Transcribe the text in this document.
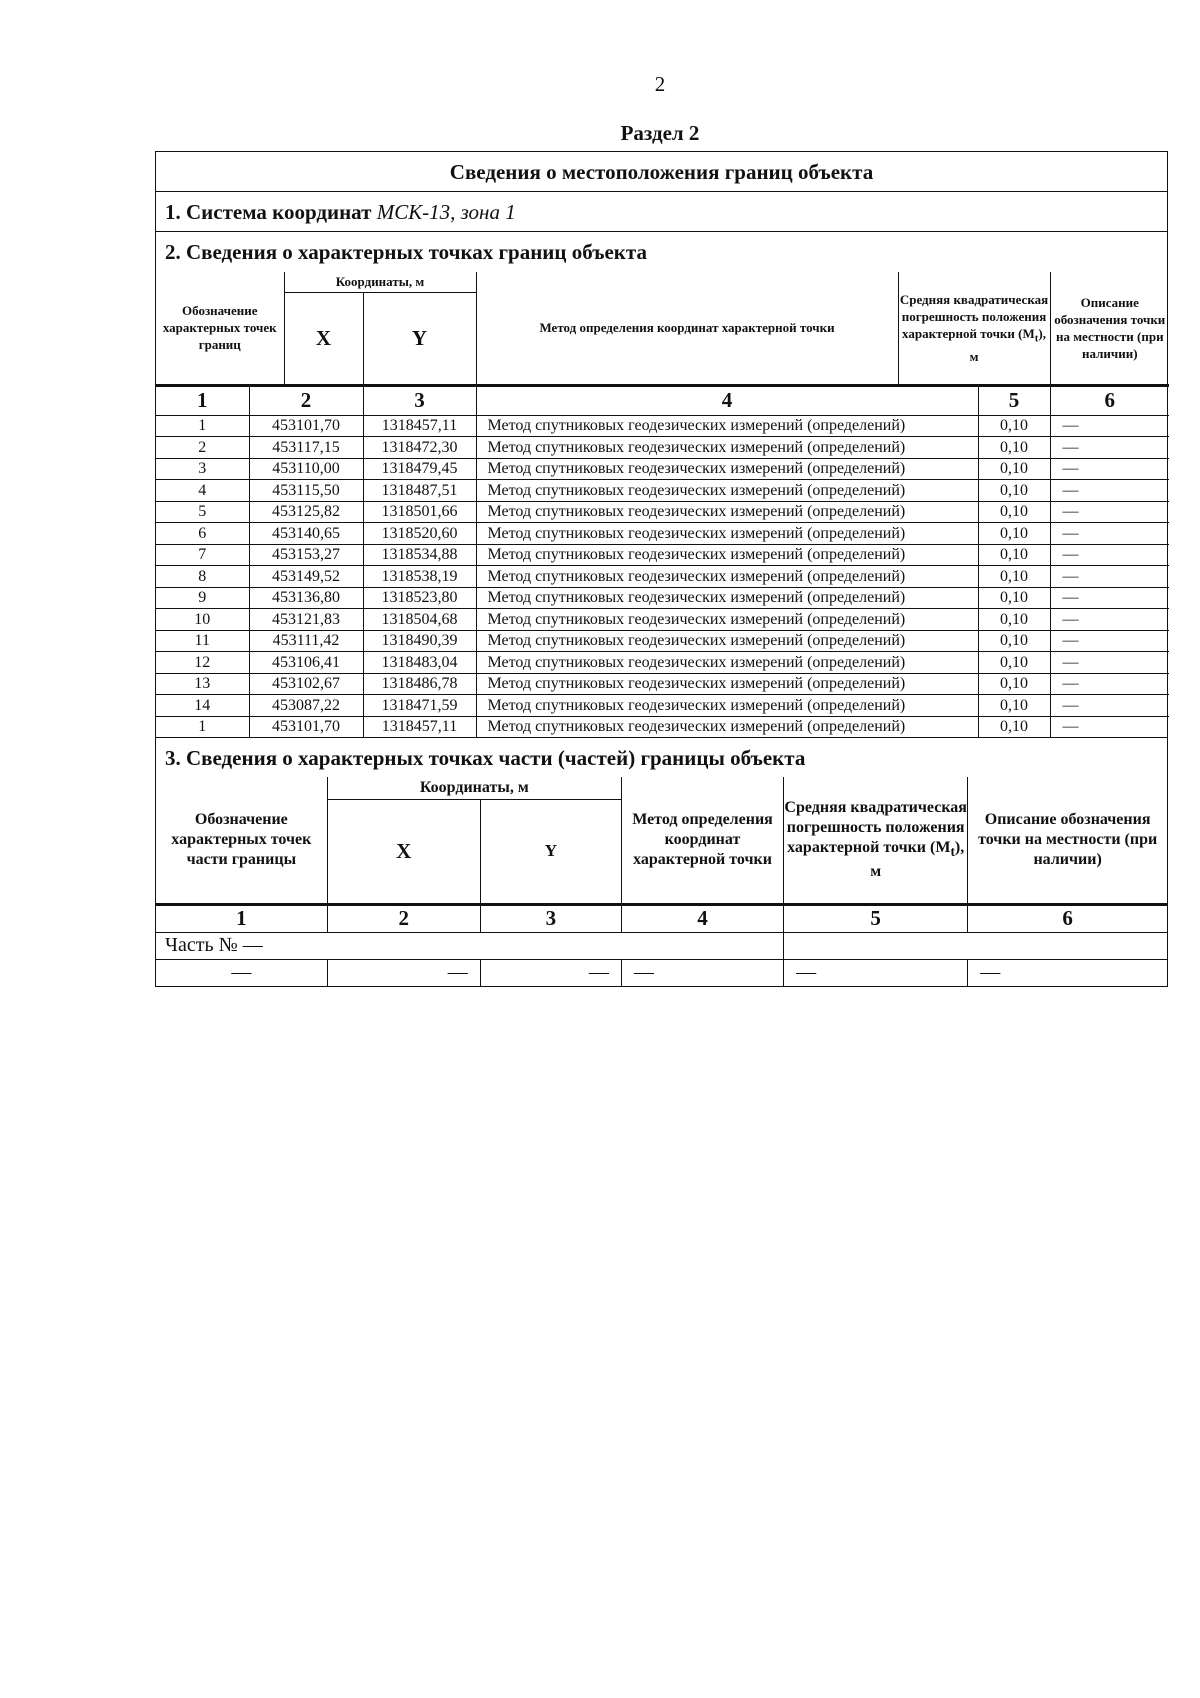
2
Раздел 2
Сведения о местоположения границ объекта
1. Система координат МСК-13, зона 1
2. Сведения о характерных точках границ объекта
Обозначение характерных точек границ	Координаты, м		Метод определения координат характерной точки	Средняя квадратическая погрешность положения характерной точки $(M_t)$, м	Описание обозначения точки на местности (при наличии)
	X	Y			
1	2	3	4	5	6
1	453101,70	1318457,11	Метод спутниковых геодезических измерений (определений)	0,10	—
2	453117,15	1318472,30	Метод спутниковых геодезических измерений (определений)	0,10	—
3	453110,00	1318479,45	Метод спутниковых геодезических измерений (определений)	0,10	—
4	453115,50	1318487,51	Метод спутниковых геодезических измерений (определений)	0,10	—
5	453125,82	1318501,66	Метод спутниковых геодезических измерений (определений)	0,10	—
6	453140,65	1318520,60	Метод спутниковых геодезических измерений (определений)	0,10	—
7	453153,27	1318534,88	Метод спутниковых геодезических измерений (определений)	0,10	—
8	453149,52	1318538,19	Метод спутниковых геодезических измерений (определений)	0,10	—
9	453136,80	1318523,80	Метод спутниковых геодезических измерений (определений)	0,10	—
10	453121,83	1318504,68	Метод спутниковых геодезических измерений (определений)	0,10	—
11	453111,42	1318490,39	Метод спутниковых геодезических измерений (определений)	0,10	—
12	453106,41	1318483,04	Метод спутниковых геодезических измерений (определений)	0,10	—
13	453102,67	1318486,78	Метод спутниковых геодезических измерений (определений)	0,10	—
14	453087,22	1318471,59	Метод спутниковых геодезических измерений (определений)	0,10	—
1	453101,70	1318457,11	Метод спутниковых геодезических измерений (определений)	0,10	—
3. Сведения о характерных точках части (частей) границы объекта
Обозначение характерных точек части границы	Координаты, м		Метод определения координат характерной точки	Средняя квадратическая погрешность положения характерной точки $(M_t)$, м	Описание обозначения точки на местности (при наличии)
	X	Y			
1	2	3	4	5	6
Часть № —					
—	—	—	—	—	—
